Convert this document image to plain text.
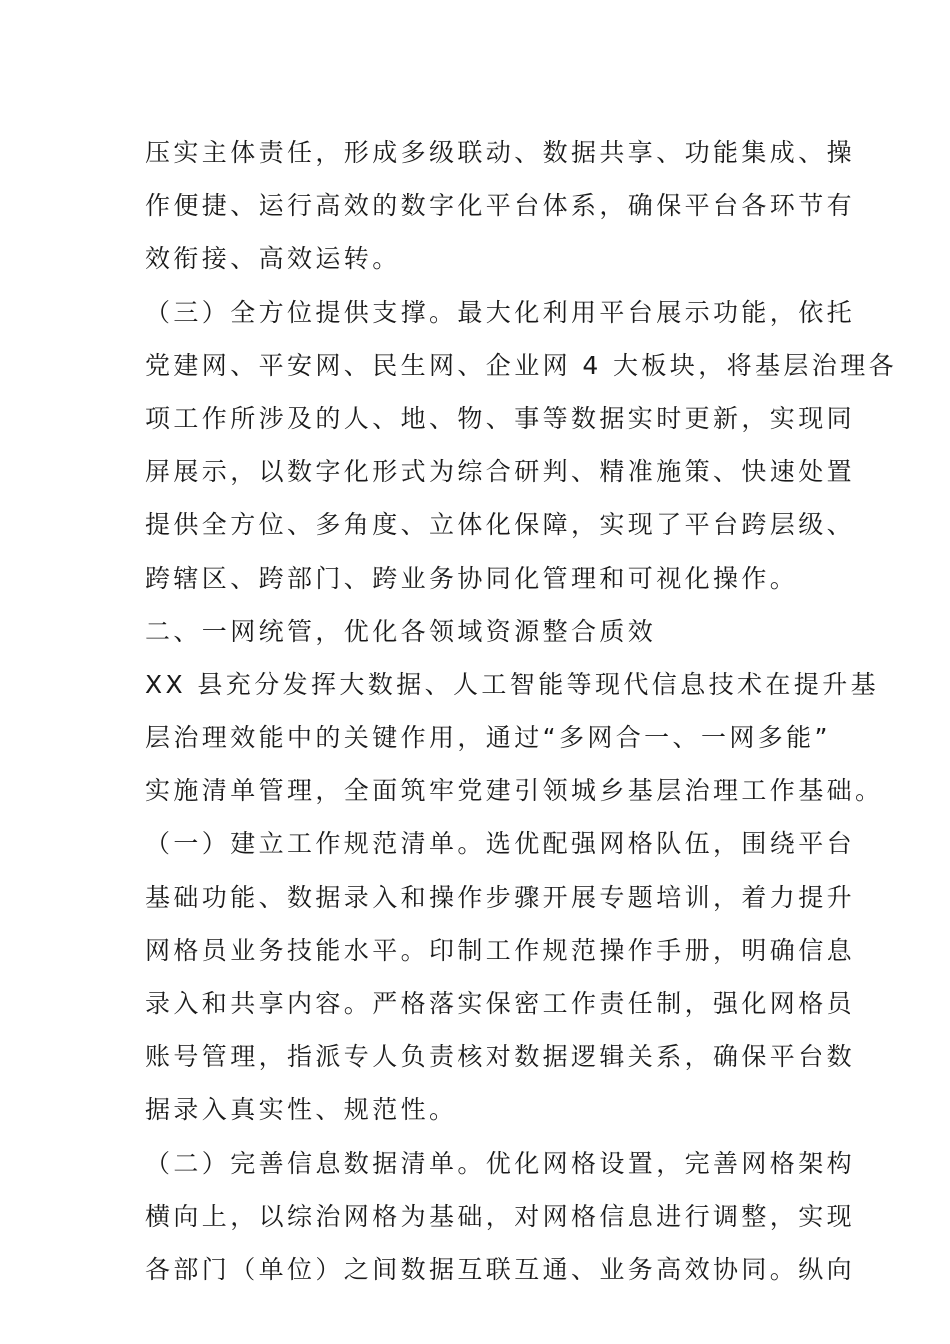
压实主体责任，形成多级联动、数据共享、功能集成、操
作便捷、运行高效的数字化平台体系，确保平台各环节有
效衔接、高效运转。
（三）全方位提供支撑。最大化利用平台展示功能，依托
党建网、平安网、民生网、企业网 4 大板块，将基层治理各
项工作所涉及的人、地、物、事等数据实时更新，实现同
屏展示，以数字化形式为综合研判、精准施策、快速处置
提供全方位、多角度、立体化保障，实现了平台跨层级、
跨辖区、跨部门、跨业务协同化管理和可视化操作。
二、一网统管，优化各领域资源整合质效
XX 县充分发挥大数据、人工智能等现代信息技术在提升基
层治理效能中的关键作用，通过“多网合一、一网多能”
实施清单管理，全面筑牢党建引领城乡基层治理工作基础。
（一）建立工作规范清单。选优配强网格队伍，围绕平台
基础功能、数据录入和操作步骤开展专题培训，着力提升
网格员业务技能水平。印制工作规范操作手册，明确信息
录入和共享内容。严格落实保密工作责任制，强化网格员
账号管理，指派专人负责核对数据逻辑关系，确保平台数
据录入真实性、规范性。
（二）完善信息数据清单。优化网格设置，完善网格架构
横向上，以综治网格为基础，对网格信息进行调整，实现
各部门（单位）之间数据互联互通、业务高效协同。纵向
